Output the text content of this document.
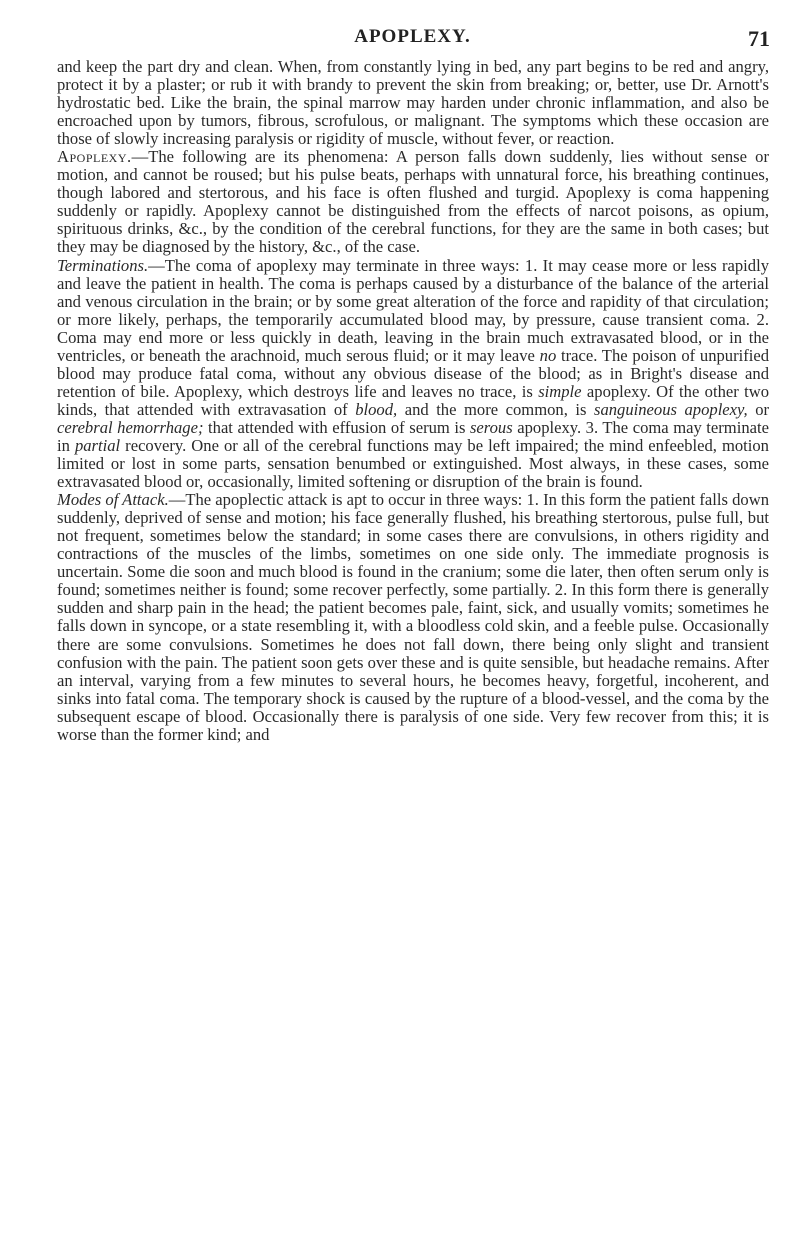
APOPLEXY.	71

and keep the part dry and clean. When, from constantly lying in bed, any part begins to be red and angry, protect it by a plaster; or rub it with brandy to prevent the skin from breaking; or, better, use Dr. Arnott's hydrostatic bed. Like the brain, the spinal marrow may harden under chronic inflammation, and also be encroached upon by tumors, fibrous, scrofulous, or malignant. The symptoms which these occasion are those of slowly increasing paralysis or rigidity of muscle, without fever, or reaction.

Apoplexy.—The following are its phenomena: A person falls down suddenly, lies without sense or motion, and cannot be roused; but his pulse beats, perhaps with unnatural force, his breathing continues, though labored and stertorous, and his face is often flushed and turgid. Apoplexy is coma happening suddenly or rapidly. Apoplexy cannot be distinguished from the effects of narcot poisons, as opium, spirituous drinks, &c., by the condition of the cerebral functions, for they are the same in both cases; but they may be diagnosed by the history, &c., of the case.

Terminations.—The coma of apoplexy may terminate in three ways: 1. It may cease more or less rapidly and leave the patient in health. The coma is perhaps caused by a disturbance of the balance of the arterial and venous circulation in the brain; or by some great alteration of the force and rapidity of that circulation; or more likely, perhaps, the temporarily accumulated blood may, by pressure, cause transient coma. 2. Coma may end more or less quickly in death, leaving in the brain much extravasated blood, or in the ventricles, or beneath the arachnoid, much serous fluid; or it may leave no trace. The poison of unpurified blood may produce fatal coma, without any obvious disease of the blood; as in Bright's disease and retention of bile. Apoplexy, which destroys life and leaves no trace, is simple apoplexy. Of the other two kinds, that attended with extravasation of blood, and the more common, is sanguineous apoplexy, or cerebral hemorrhage; that attended with effusion of serum is serous apoplexy. 3. The coma may terminate in partial recovery. One or all of the cerebral functions may be left impaired; the mind enfeebled, motion limited or lost in some parts, sensation benumbed or extinguished. Most always, in these cases, some extravasated blood or, occasionally, limited softening or disruption of the brain is found.

Modes of Attack.—The apoplectic attack is apt to occur in three ways: 1. In this form the patient falls down suddenly, deprived of sense and motion; his face generally flushed, his breathing stertorous, pulse full, but not frequent, sometimes below the standard; in some cases there are convulsions, in others rigidity and contractions of the muscles of the limbs, sometimes on one side only. The immediate prognosis is uncertain. Some die soon and much blood is found in the cranium; some die later, then often serum only is found; sometimes neither is found; some recover perfectly, some partially. 2. In this form there is generally sudden and sharp pain in the head; the patient becomes pale, faint, sick, and usually vomits; sometimes he falls down in syncope, or a state resembling it, with a bloodless cold skin, and a feeble pulse. Occasionally there are some convulsions. Sometimes he does not fall down, there being only slight and transient confusion with the pain. The patient soon gets over these and is quite sensible, but headache remains. After an interval, varying from a few minutes to several hours, he becomes heavy, forgetful, incoherent, and sinks into fatal coma. The temporary shock is caused by the rupture of a blood-vessel, and the coma by the subsequent escape of blood. Occasionally there is paralysis of one side. Very few recover from this; it is worse than the former kind; and
